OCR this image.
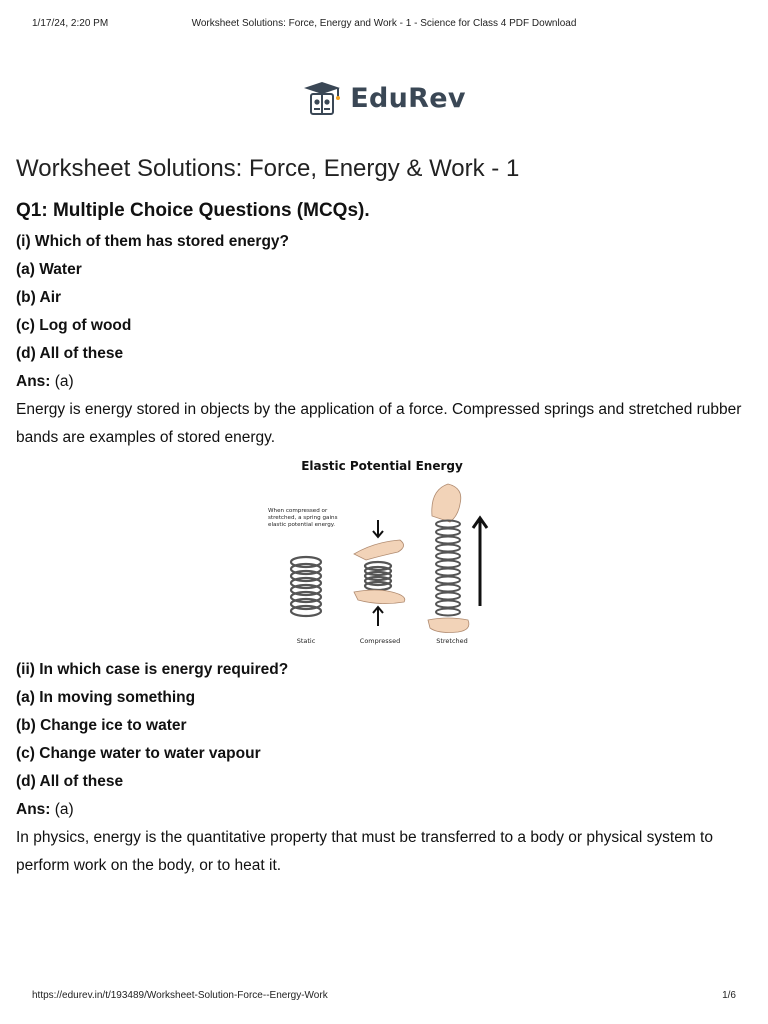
1/17/24, 2:20 PM	Worksheet Solutions: Force, Energy and Work - 1 - Science for Class 4 PDF Download
EduRev
Worksheet Solutions: Force, Energy & Work - 1
Q1: Multiple Choice Questions (MCQs).
(i) Which of them has stored energy?
(a) Water
(b) Air
(c) Log of wood
(d) All of these
Ans: (a)

Energy is energy stored in objects by the application of a force. Compressed springs and stretched rubber bands are examples of stored energy.

(ii) In which case is energy required?
(a) In moving something
(b) Change ice to water
(c) Change water to water vapour
(d) All of these
Ans: (a)

In physics, energy is the quantitative property that must be transferred to a body or physical system to perform work on the body, or to heat it.

Elastic Potential Energy
When compressed or
stretched, a spring gains
elastic potential energy.
Static	Compressed	Stretched
https://edurev.in/t/193489/Worksheet-Solution-Force--Energy-Work	1/6
